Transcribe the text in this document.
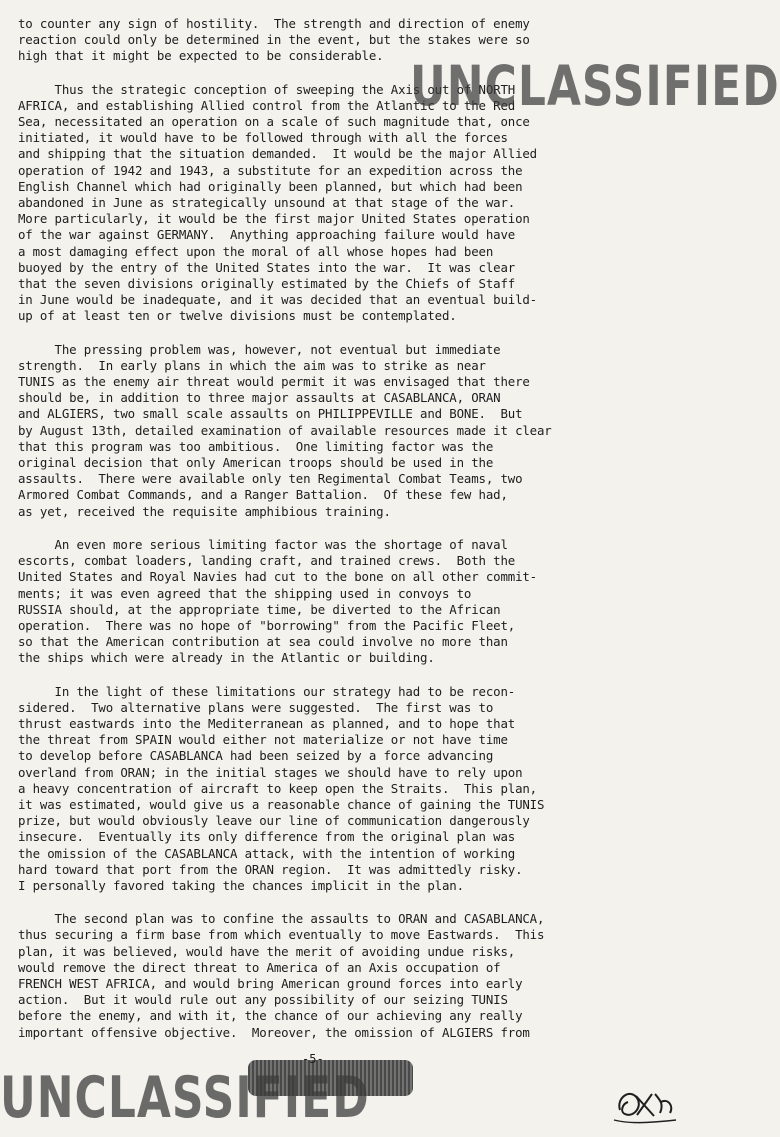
to counter any sign of hostility.  The strength and direction of enemy
reaction could only be determined in the event, but the stakes were so
high that it might be expected to be considerable.
Thus the strategic conception of sweeping the Axis out of NORTH
AFRICA, and establishing Allied control from the Atlantic to the Red
Sea, necessitated an operation on a scale of such magnitude that, once
initiated, it would have to be followed through with all the forces
and shipping that the situation demanded.  It would be the major Allied
operation of 1942 and 1943, a substitute for an expedition across the
English Channel which had originally been planned, but which had been
abandoned in June as strategically unsound at that stage of the war.
More particularly, it would be the first major United States operation
of the war against GERMANY.  Anything approaching failure would have
a most damaging effect upon the moral of all whose hopes had been
buoyed by the entry of the United States into the war.  It was clear
that the seven divisions originally estimated by the Chiefs of Staff
in June would be inadequate, and it was decided that an eventual build-
up of at least ten or twelve divisions must be contemplated.
The pressing problem was, however, not eventual but immediate
strength.  In early plans in which the aim was to strike as near
TUNIS as the enemy air threat would permit it was envisaged that there
should be, in addition to three major assaults at CASABLANCA, ORAN
and ALGIERS, two small scale assaults on PHILIPPEVILLE and BONE.  But
by August 13th, detailed examination of available resources made it clear
that this program was too ambitious.  One limiting factor was the
original decision that only American troops should be used in the
assaults.  There were available only ten Regimental Combat Teams, two
Armored Combat Commands, and a Ranger Battalion.  Of these few had,
as yet, received the requisite amphibious training.
An even more serious limiting factor was the shortage of naval
escorts, combat loaders, landing craft, and trained crews.  Both the
United States and Royal Navies had cut to the bone on all other commit-
ments; it was even agreed that the shipping used in convoys to
RUSSIA should, at the appropriate time, be diverted to the African
operation.  There was no hope of "borrowing" from the Pacific Fleet,
so that the American contribution at sea could involve no more than
the ships which were already in the Atlantic or building.
In the light of these limitations our strategy had to be recon-
sidered.  Two alternative plans were suggested.  The first was to
thrust eastwards into the Mediterranean as planned, and to hope that
the threat from SPAIN would either not materialize or not have time
to develop before CASABLANCA had been seized by a force advancing
overland from ORAN; in the initial stages we should have to rely upon
a heavy concentration of aircraft to keep open the Straits.  This plan,
it was estimated, would give us a reasonable chance of gaining the TUNIS
prize, but would obviously leave our line of communication dangerously
insecure.  Eventually its only difference from the original plan was
the omission of the CASABLANCA attack, with the intention of working
hard toward that port from the ORAN region.  It was admittedly risky.
I personally favored taking the chances implicit in the plan.
The second plan was to confine the assaults to ORAN and CASABLANCA,
thus securing a firm base from which eventually to move Eastwards.  This
plan, it was believed, would have the merit of avoiding undue risks,
would remove the direct threat to America of an Axis occupation of
FRENCH WEST AFRICA, and would bring American ground forces into early
action.  But it would rule out any possibility of our seizing TUNIS
before the enemy, and with it, the chance of our achieving any really
important offensive objective.  Moreover, the omission of ALGIERS from
UNCLASSIFIED
-5-
UNCLASSIFIED
